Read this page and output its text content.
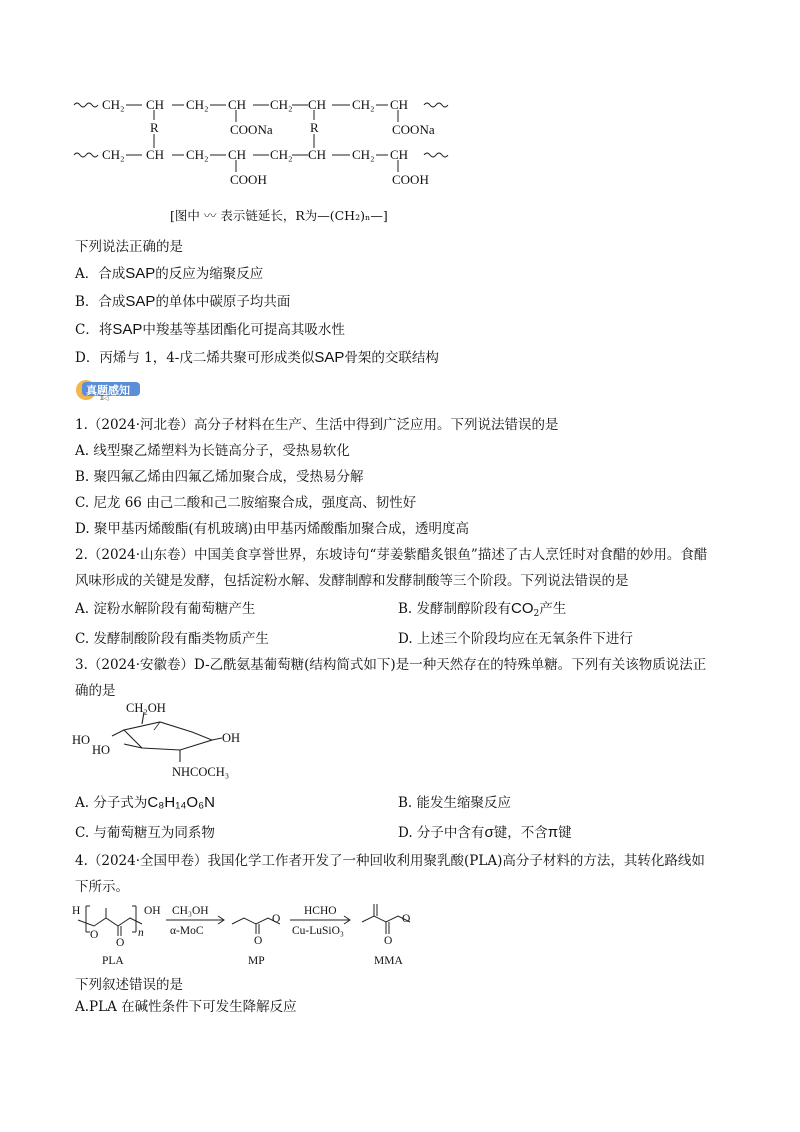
CH₂ CH CH₂ CH CH₂ CH CH₂ CH
R	COONa	R	COONa
CH₂ CH CH₂ CH CH₂ CH CH₂ CH
COOH	COOH
[图中 〰 表示链延长，R为—(CH₂)ₙ—]
下列说法正确的是
A．合成SAP的反应为缩聚反应
B．合成SAP的单体中碳原子均共面
C．将SAP中羧基等基团酯化可提高其吸水性
D．丙烯与 1，4-戊二烯共聚可形成类似SAP骨架的交联结构
真题感知
Ⅱ◁
1.（2024·河北卷）高分子材料在生产、生活中得到广泛应用。下列说法错误的是
A. 线型聚乙烯塑料为长链高分子，受热易软化
B. 聚四氟乙烯由四氟乙烯加聚合成，受热易分解
C. 尼龙 66 由己二酸和己二胺缩聚合成，强度高、韧性好
D. 聚甲基丙烯酸酯(有机玻璃)由甲基丙烯酸酯加聚合成，透明度高
2.（2024·山东卷）中国美食享誉世界，东坡诗句“芽姜紫醋炙银鱼”描述了古人烹饪时对食醋的妙用。食醋
风味形成的关键是发酵，包括淀粉水解、发酵制醇和发酵制酸等三个阶段。下列说法错误的是
A. 淀粉水解阶段有葡萄糖产生	B. 发酵制醇阶段有$CO_2$产生
C. 发酵制酸阶段有酯类物质产生	D. 上述三个阶段均应在无氧条件下进行
3.（2024·安徽卷）D-乙酰氨基葡萄糖(结构简式如下)是一种天然存在的特殊单糖。下列有关该物质说法正
确的是
CH₂OH
HO
HO
OH
NHCOCH₃
A. 分子式为C₈H₁₄O₆N	B. 能发生缩聚反应
C. 与葡萄糖互为同系物	D. 分子中含有σ键，不含π键
4.（2024·全国甲卷）我国化学工作者开发了一种回收利用聚乳酸(PLA)高分子材料的方法，其转化路线如
下所示。
H
O
OH
n
O
O
O
O
O
CH₃OH
α-MoC
HCHO
Cu-LuSiO₃
PLA	MP	MMA
下列叙述错误的是
A.PLA 在碱性条件下可发生降解反应
